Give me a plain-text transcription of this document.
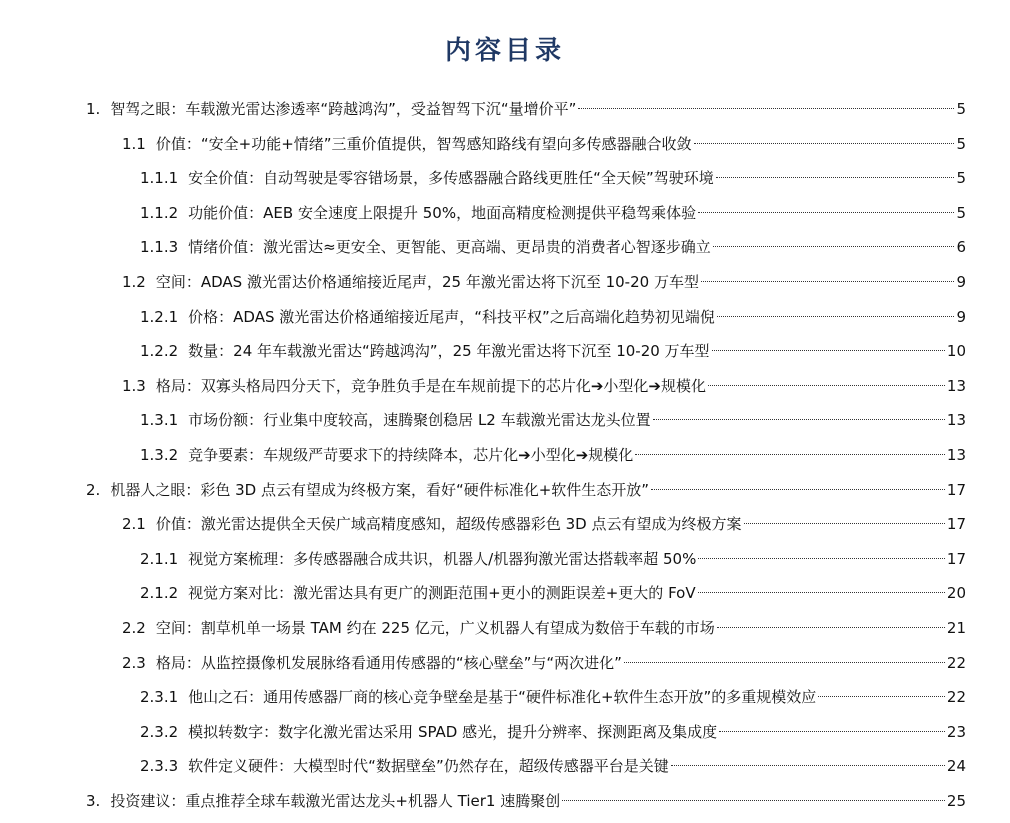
内容目录
1. 智驾之眼：车载激光雷达渗透率“跨越鸿沟”，受益智驾下沉“量增价平”	5
1.1 价值：“安全+功能+情绪”三重价值提供，智驾感知路线有望向多传感器融合收敛	5
1.1.1 安全价值：自动驾驶是零容错场景，多传感器融合路线更胜任“全天候”驾驶环境	5
1.1.2 功能价值：AEB 安全速度上限提升 50%，地面高精度检测提供平稳驾乘体验	5
1.1.3 情绪价值：激光雷达≈更安全、更智能、更高端、更昂贵的消费者心智逐步确立	6
1.2 空间：ADAS 激光雷达价格通缩接近尾声，25 年激光雷达将下沉至 10-20 万车型	9
1.2.1 价格：ADAS 激光雷达价格通缩接近尾声，“科技平权”之后高端化趋势初见端倪	9
1.2.2 数量：24 年车载激光雷达“跨越鸿沟”，25 年激光雷达将下沉至 10-20 万车型	10
1.3 格局：双寡头格局四分天下，竞争胜负手是在车规前提下的芯片化➔小型化➔规模化	13
1.3.1 市场份额：行业集中度较高，速腾聚创稳居 L2 车载激光雷达龙头位置	13
1.3.2 竞争要素：车规级严苛要求下的持续降本，芯片化➔小型化➔规模化	13
2. 机器人之眼：彩色 3D 点云有望成为终极方案，看好“硬件标准化+软件生态开放”	17
2.1 价值：激光雷达提供全天侯广域高精度感知，超级传感器彩色 3D 点云有望成为终极方案	17
2.1.1 视觉方案梳理：多传感器融合成共识，机器人/机器狗激光雷达搭载率超 50%	17
2.1.2 视觉方案对比：激光雷达具有更广的测距范围+更小的测距误差+更大的 FoV	20
2.2 空间：割草机单一场景 TAM 约在 225 亿元，广义机器人有望成为数倍于车载的市场	21
2.3 格局：从监控摄像机发展脉络看通用传感器的“核心壁垒”与“两次进化”	22
2.3.1 他山之石：通用传感器厂商的核心竞争壁垒是基于“硬件标准化+软件生态开放”的多重规模效应	22
2.3.2 模拟转数字：数字化激光雷达采用 SPAD 感光，提升分辨率、探测距离及集成度	23
2.3.3 软件定义硬件：大模型时代“数据壁垒”仍然存在，超级传感器平台是关键	24
3. 投资建议：重点推荐全球车载激光雷达龙头+机器人 Tier1 速腾聚创	25
